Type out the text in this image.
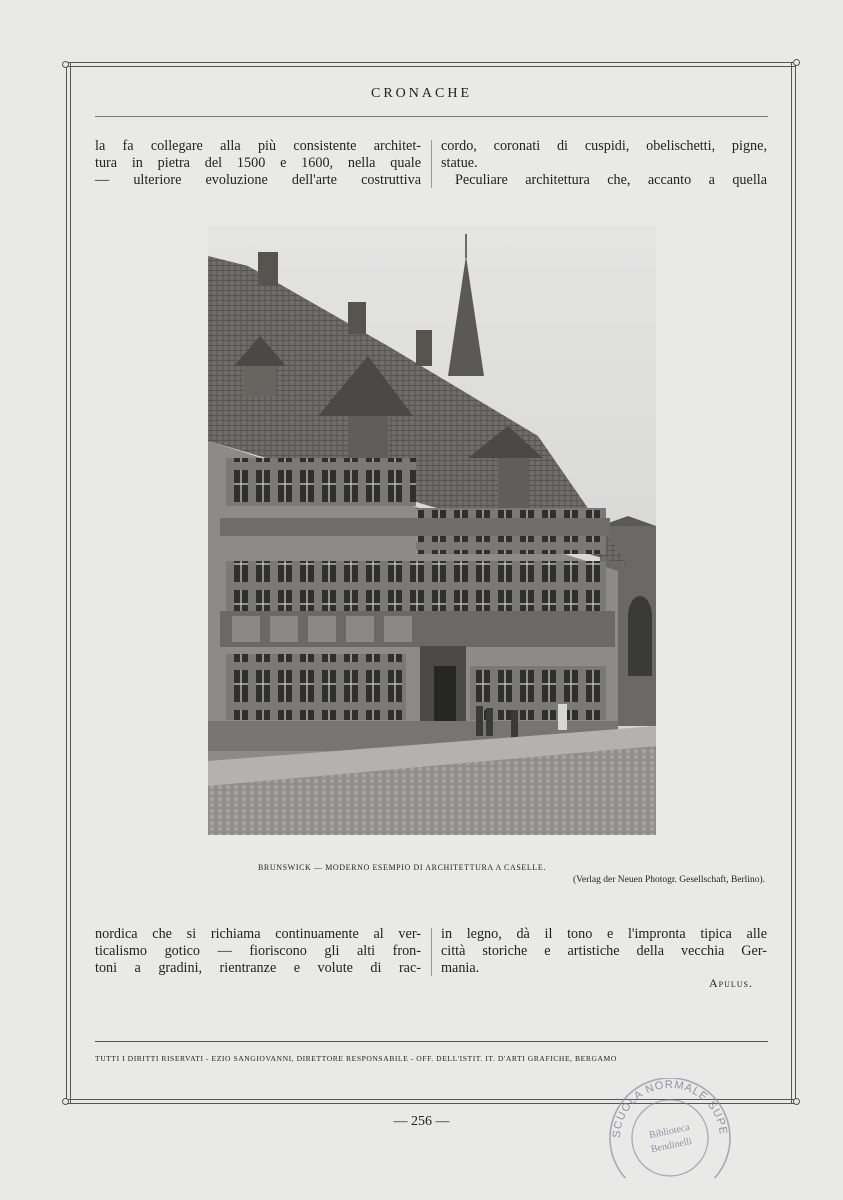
CRONACHE

la fa collegare alla più consistente architet-

tura in pietra del 1500 e 1600, nella quale

— ulteriore evoluzione dell'arte costruttiva

cordo, coronati di cuspidi, obelischetti, pigne,

statue.

Peculiare architettura che, accanto a quella

BRUNSWICK — MODERNO ESEMPIO DI ARCHITETTURA A CASELLE.
(Verlag der Neuen Photogr. Gesellschaft, Berlino).

nordica che si richiama continuamente al ver-

ticalismo gotico — fioriscono gli alti fron-

toni a gradini, rientranze e volute di rac-

in legno, dà il tono e l'impronta tipica alle

città storiche e artistiche della vecchia Ger-

mania.

Apulus.
TUTTI I DIRITTI RISERVATI - EZIO SANGIOVANNI, DIRETTORE RESPONSABILE - OFF. DELL'ISTIT. IT. D'ARTI GRAFICHE, BERGAMO
— 256 —
SCUOLA NORMALE SUPE
Biblioteca
Bendinelli
